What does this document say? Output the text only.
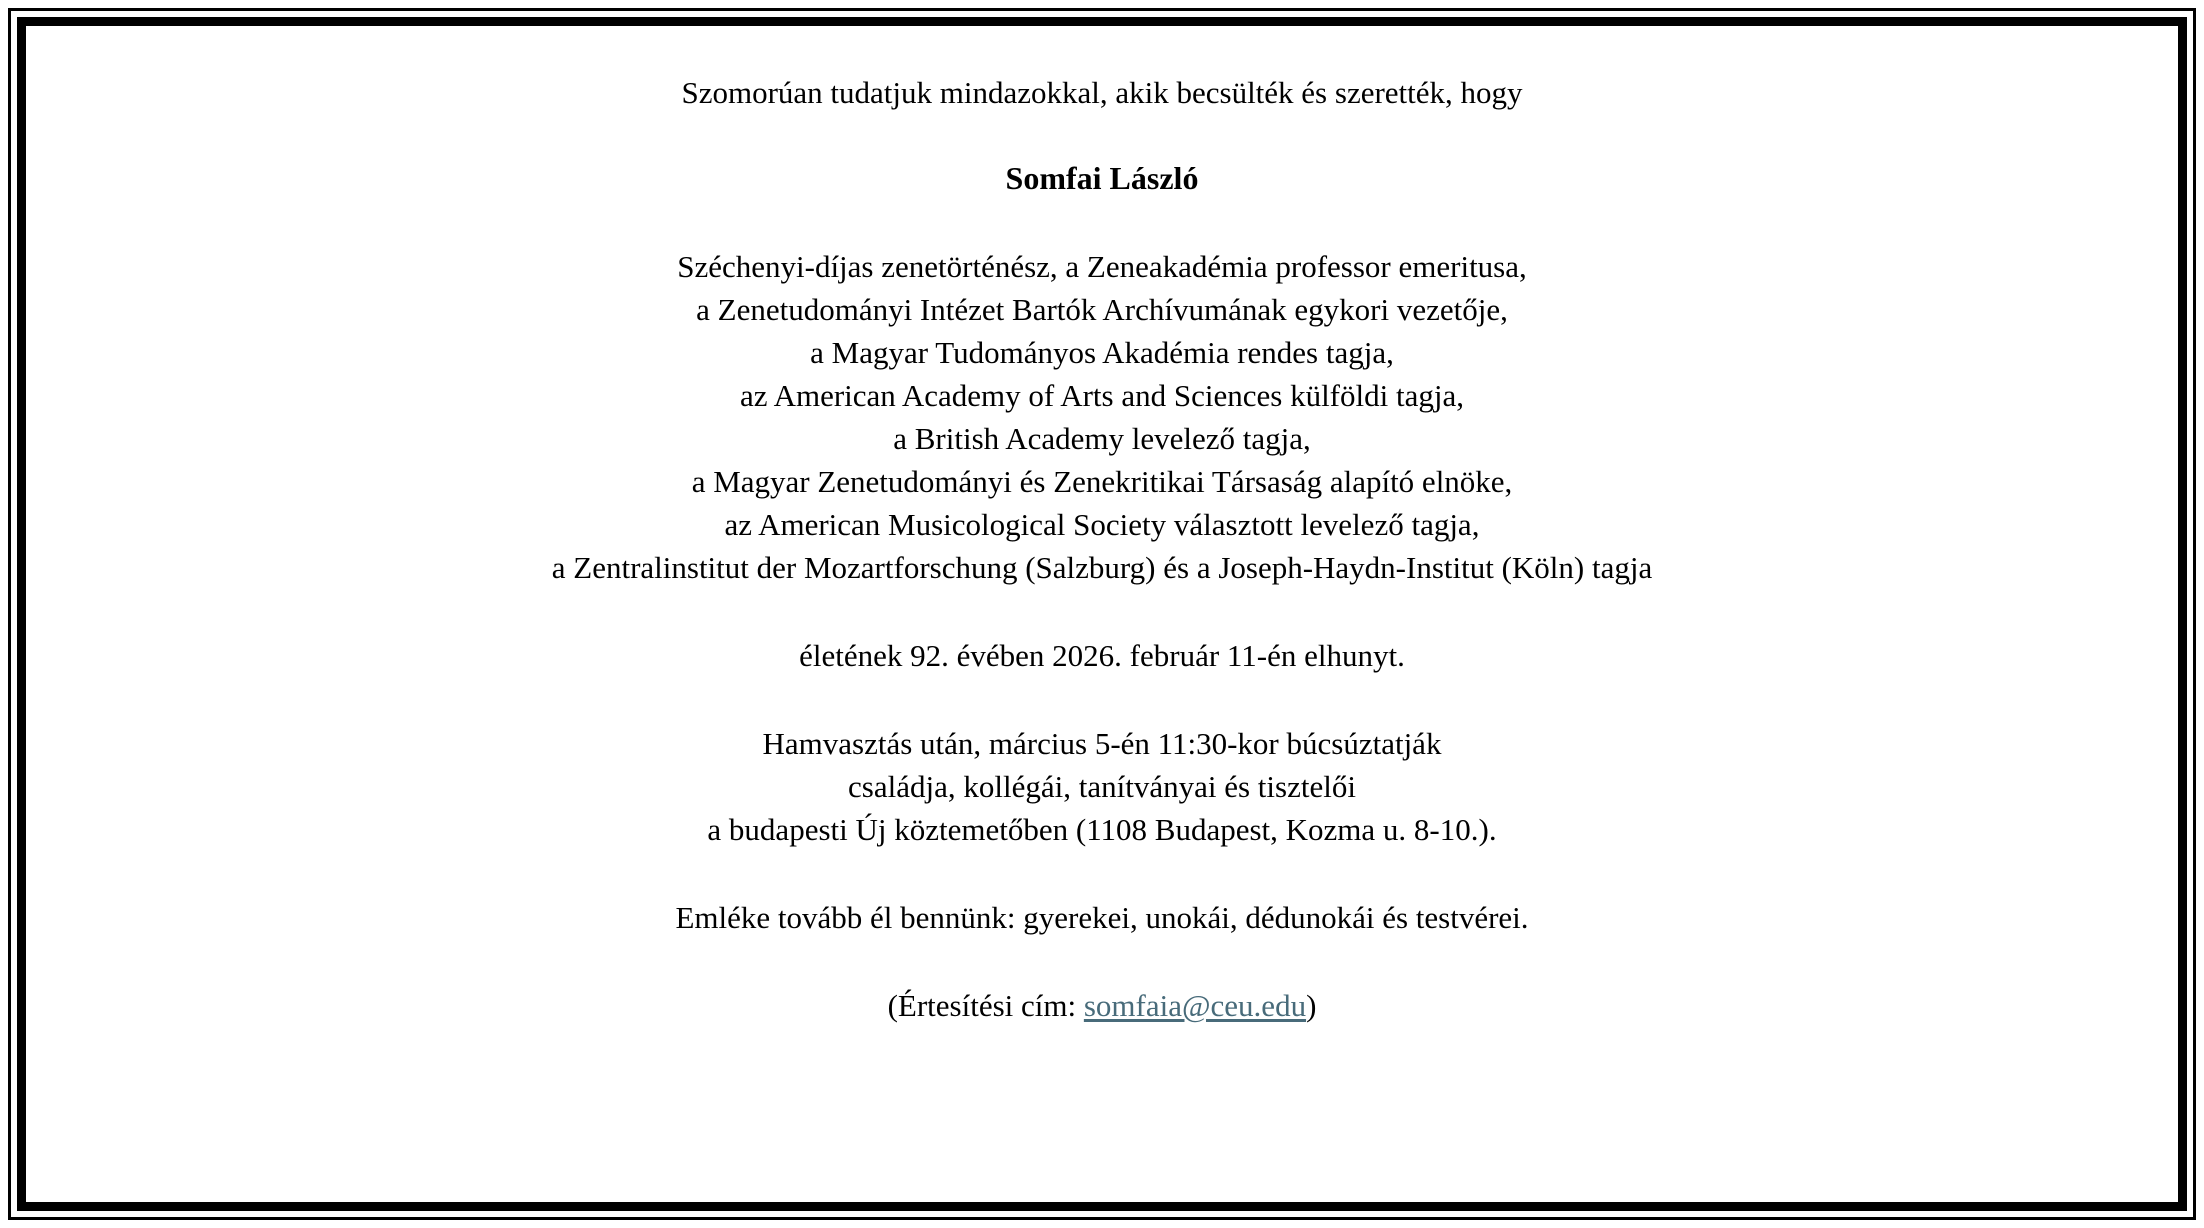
Szomorúan tudatjuk mindazokkal, akik becsülték és szerették, hogy
Somfai László
Széchenyi-díjas zenetörténész, a Zeneakadémia professor emeritusa,
a Zenetudományi Intézet Bartók Archívumának egykori vezetője,
a Magyar Tudományos Akadémia rendes tagja,
az American Academy of Arts and Sciences külföldi tagja,
a British Academy levelező tagja,
a Magyar Zenetudományi és Zenekritikai Társaság alapító elnöke,
az American Musicological Society választott levelező tagja,
a Zentralinstitut der Mozartforschung (Salzburg) és a Joseph-Haydn-Institut (Köln) tagja
életének 92. évében 2026. február 11-én elhunyt.
Hamvasztás után, március 5-én 11:30-kor búcsúztatják
családja, kollégái, tanítványai és tisztelői
a budapesti Új köztemetőben (1108 Budapest, Kozma u. 8-10.).
Emléke tovább él bennünk: gyerekei, unokái, dédunokái és testvérei.
(Értesítési cím: somfaia@ceu.edu)
